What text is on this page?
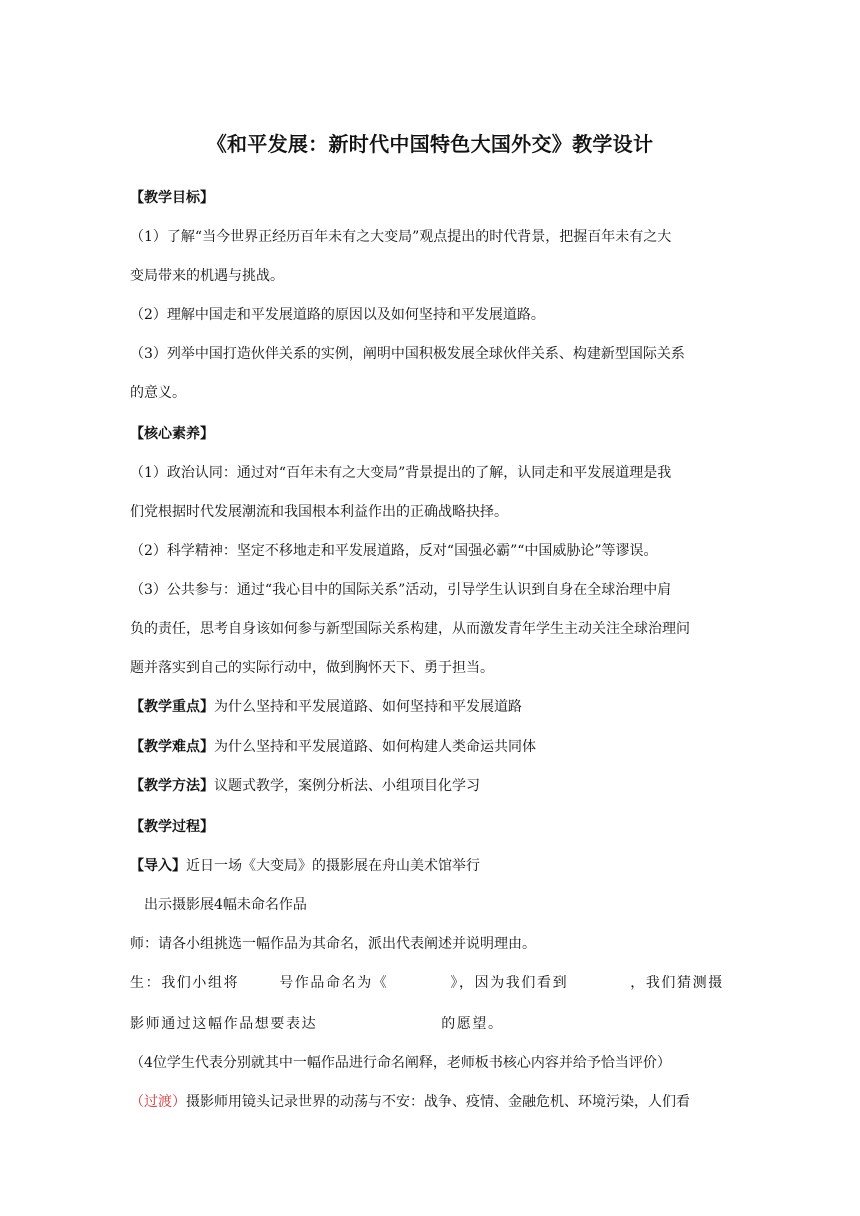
《和平发展：新时代中国特色大国外交》教学设计
【教学目标】
（1）了解“当今世界正经历百年未有之大变局”观点提出的时代背景，把握百年未有之大
变局带来的机遇与挑战。
（2）理解中国走和平发展道路的原因以及如何坚持和平发展道路。
（3）列举中国打造伙伴关系的实例，阐明中国积极发展全球伙伴关系、构建新型国际关系
的意义。
【核心素养】
（1）政治认同：通过对“百年未有之大变局”背景提出的了解，认同走和平发展道理是我
们党根据时代发展潮流和我国根本利益作出的正确战略抉择。
（2）科学精神：坚定不移地走和平发展道路，反对“国强必霸”“中国威胁论”等谬误。
（3）公共参与：通过“我心目中的国际关系”活动，引导学生认识到自身在全球治理中肩
负的责任，思考自身该如何参与新型国际关系构建，从而激发青年学生主动关注全球治理问
题并落实到自己的实际行动中，做到胸怀天下、勇于担当。
【教学重点】为什么坚持和平发展道路、如何坚持和平发展道路
【教学难点】为什么坚持和平发展道路、如何构建人类命运共同体
【教学方法】议题式教学，案例分析法、小组项目化学习
【教学过程】
【导入】近日一场《大变局》的摄影展在舟山美术馆举行
出示摄影展4幅未命名作品
师：请各小组挑选一幅作品为其命名，派出代表阐述并说明理由。
生：我们小组将	号作品命名为《	》，因为我们看到	，我们猜测摄
影师通过这幅作品想要表达	的愿望。
（4位学生代表分别就其中一幅作品进行命名阐释，老师板书核心内容并给予恰当评价）
（过渡）摄影师用镜头记录世界的动荡与不安：战争、疫情、金融危机、环境污染，人们看
